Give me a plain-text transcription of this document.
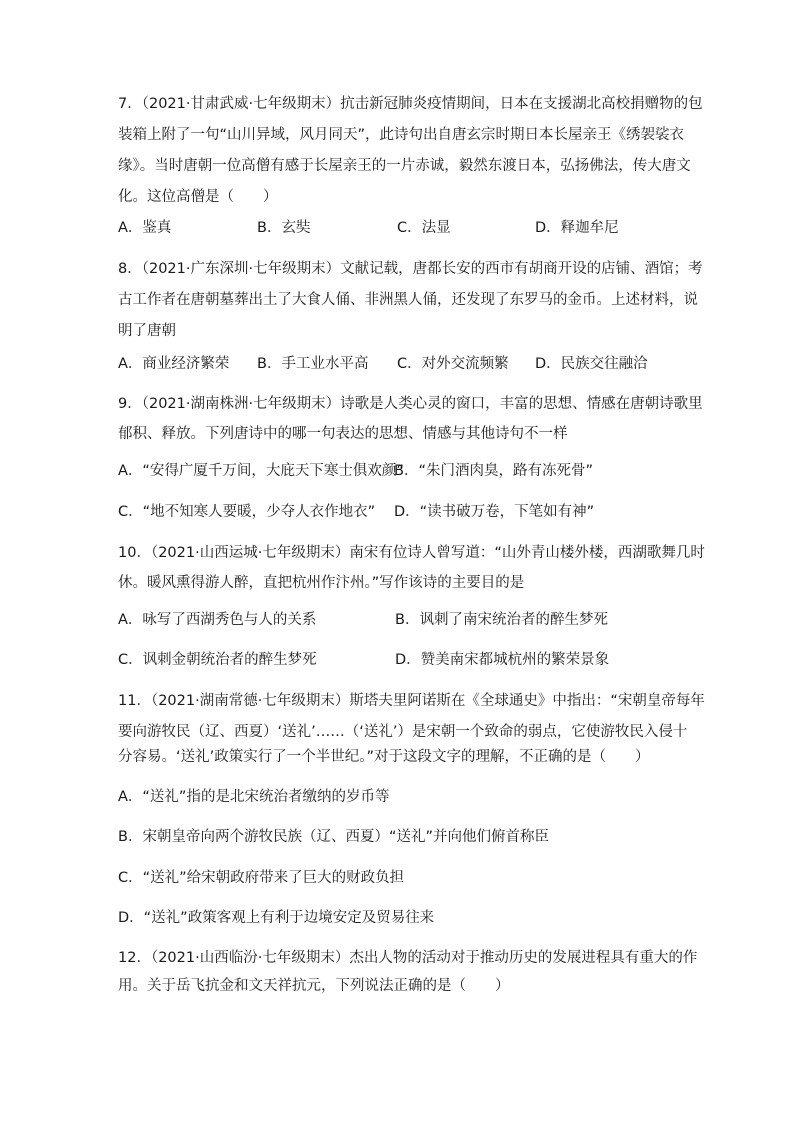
7．（2021·甘肃武威·七年级期末）抗击新冠肺炎疫情期间，日本在支援湖北高校捐赠物的包
装箱上附了一句“山川异域，风月同天”，此诗句出自唐玄宗时期日本长屋亲王《绣袈裟衣
缘》。当时唐朝一位高僧有感于长屋亲王的一片赤诚，毅然东渡日本，弘扬佛法，传大唐文
化。这位高僧是（　　）
A．鉴真	B．玄奘	C．法显	D．释迦牟尼
8．（2021·广东深圳·七年级期末）文献记载，唐都长安的西市有胡商开设的店铺、酒馆；考
古工作者在唐朝墓葬出土了大食人俑、非洲黑人俑，还发现了东罗马的金币。上述材料，说
明了唐朝
A．商业经济繁荣 B．手工业水平高 C．对外交流频繁 D．民族交往融洽
9．（2021·湖南株洲·七年级期末）诗歌是人类心灵的窗口，丰富的思想、情感在唐朝诗歌里
郁积、释放。下列唐诗中的哪一句表达的思想、情感与其他诗句不一样
A．“安得广厦千万间，大庇天下寒士俱欢颜”
B．“朱门酒肉臭，路有冻死骨”
C．“地不知寒人要暖，少夺人衣作地衣” D．“读书破万卷，下笔如有神”
10．（2021·山西运城·七年级期末）南宋有位诗人曾写道：“山外青山楼外楼，西湖歌舞几时
休。暖风熏得游人醉，直把杭州作汴州。”写作该诗的主要目的是
A．咏写了西湖秀色与人的关系	B．讽刺了南宋统治者的醉生梦死
C．讽刺金朝统治者的醉生梦死	D．赞美南宋都城杭州的繁荣景象
11．（2021·湖南常德·七年级期末）斯塔夫里阿诺斯在《全球通史》中指出：“宋朝皇帝每年
要向游牧民（辽、西夏）‘送礼’……（‘送礼’）是宋朝一个致命的弱点，它使游牧民入侵十
分容易。‘送礼’政策实行了一个半世纪。”对于这段文字的理解，不正确的是（　　）
A．“送礼”指的是北宋统治者缴纳的岁币等
B．宋朝皇帝向两个游牧民族（辽、西夏）“送礼”并向他们俯首称臣
C．“送礼”给宋朝政府带来了巨大的财政负担
D．“送礼”政策客观上有利于边境安定及贸易往来
12．（2021·山西临汾·七年级期末）杰出人物的活动对于推动历史的发展进程具有重大的作
用。关于岳飞抗金和文天祥抗元，下列说法正确的是（　　）
